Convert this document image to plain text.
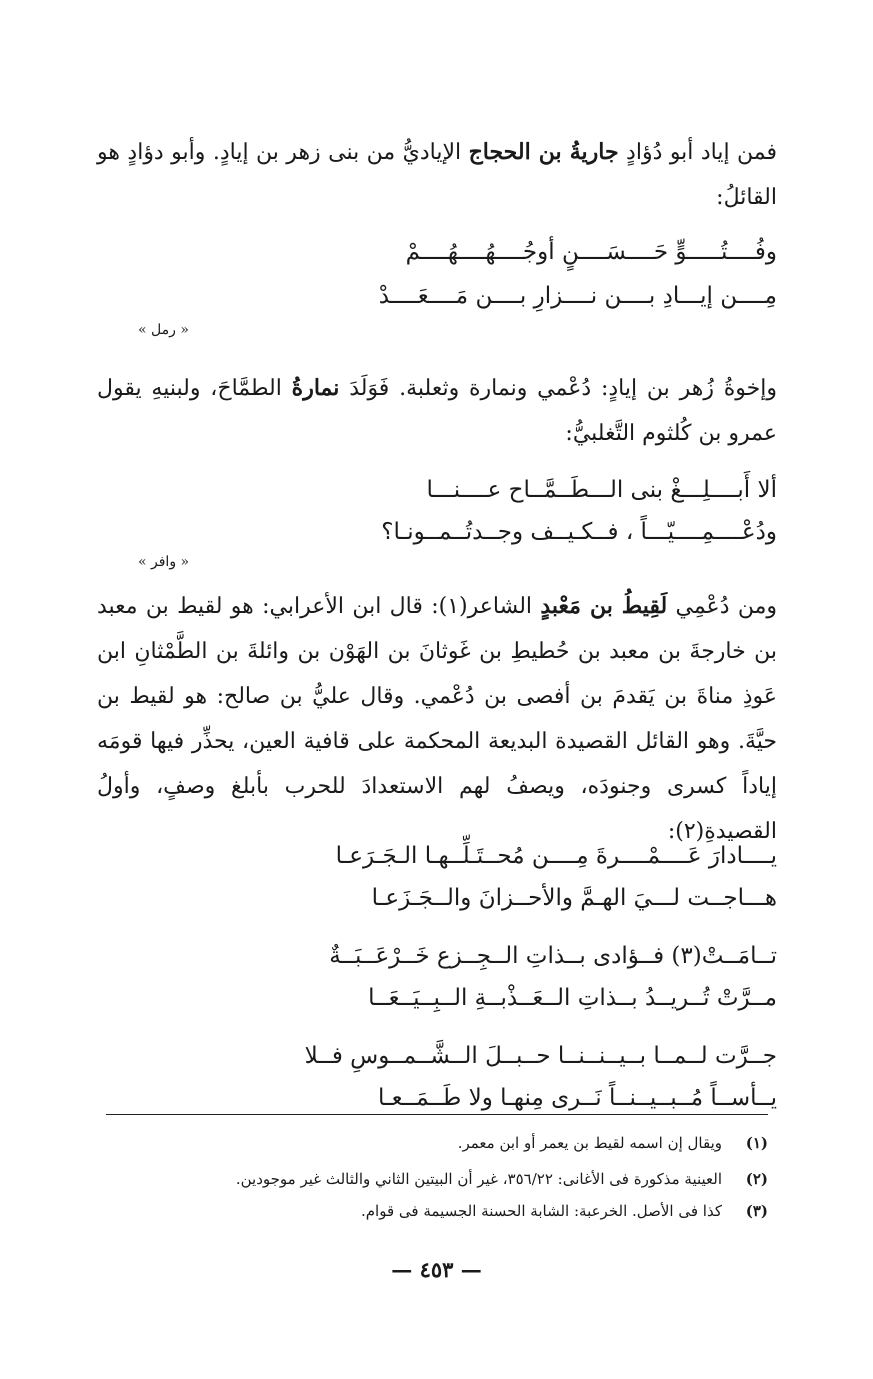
فمن إياد أبو دُؤادٍ جاريةُ بن الحجاج الإياديُّ من بنى زهر بن إيادٍ. وأبو دؤادٍ هو القائلُ:
وفُــــتُـــــوٍّ حَــــسَــــنٍ أوجُــــهُــــهُــــمْ
مِــــن إيـــادِ بــــن نــــزارِ بــــن مَــــعَــــدْ
« رمل »
وإخوةُ زُهر بن إيادٍ: دُعْمي ونمارة وثعلبة. فَوَلَدَ نمارةُ الطمَّاحَ، ولبنيهِ يقول عمرو بن كُلثوم التَّغلبيُّ:
ألا أَبــــلِـــغْ بنى الـــطَــمَّــاح عــــنـــا
ودُعْــــمِــــيّـــاً ، فــكـيــف وجــدتُــمــونـا؟
« وافر »
ومن دُعْمِي لَقِيطُ بن مَعْبدٍ الشاعر(١): قال ابن الأعرابي: هو لقيط بن معبد بن خارجةَ بن معبد بن حُطيطِ بن غَوثانَ بن الهَوْن بن وائلةَ بن الطَّمْثانِ ابن عَوذِ مناةَ بن يَقدمَ بن أفصى بن دُعْمي. وقال عليُّ بن صالح: هو لقيط بن حيَّةَ. وهو القائل القصيدة البديعة المحكمة على قافية العين، يحذِّر فيها قومَه إياداً كسرى وجنودَه، ويصفُ لهم الاستعدادَ للحرب بأبلغ وصفٍ، وأولُ القصيدةِ(٢):
يــــادارَ عَــــمْــــرةَ مِــــن مُحــتَـلِّــهـا الـجَـرَعـا
هـــاجــت لـــيَ الهـمَّ والأحــزانَ والــجَـزَعـا
تــامَــتْ(٣) فــؤادى بــذاتِ الــجِــزع خَــرْعَــبَــةٌ
مــرَّتْ تُــريــدُ بــذاتِ الــعَــذْبــةِ الــبِــيَــعَــا
جــرَّت لــمــا بــيــنــنــا حــبــلَ الــشَّــمــوسِ فــلا
يــأســاً مُــبــيــنــاً نَــرى مِنهـا ولا طَــمَــعـا
(١)ويقال إن اسمه لقيط بن يعمر أو ابن معمر.
(٢)العينية مذكورة فى الأغانى: ٣٥٦/٢٢، غير أن البيتين الثاني والثالث غير موجودين.
(٣)كذا فى الأصل. الخرعبة: الشابة الحسنة الجسيمة فى قوام.
— ٤٥٣ —
